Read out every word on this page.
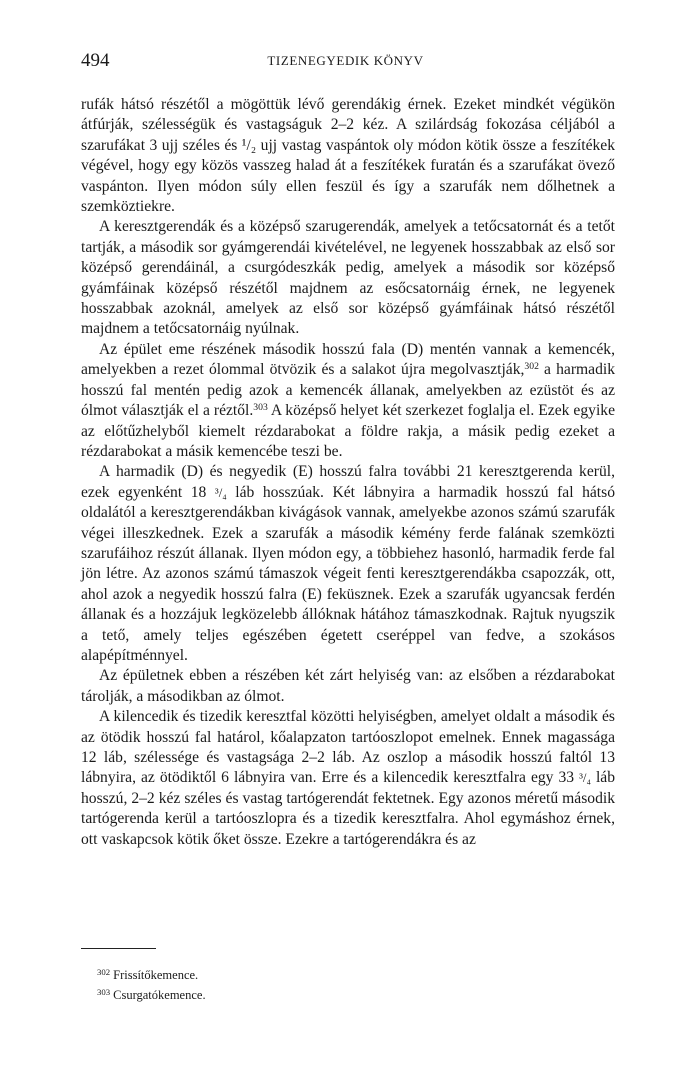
494	TIZENEGYEDIK KÖNYV

rufák hátsó részétől a mögöttük lévő gerendákig érnek. Ezeket mindkét végükön átfúrják, szélességük és vastagságuk 2–2 kéz. A szilárdság fokozása céljából a szarufákat 3 ujj széles és ¹/₂ ujj vastag vaspántok oly módon kötik össze a feszítékek végével, hogy egy közös vasszeg halad át a feszítékek furatán és a szarufákat övező vaspánton. Ilyen módon súly ellen feszül és így a szarufák nem dőlhetnek a szemköztiekre.

A keresztgerendák és a középső szarugerendák, amelyek a tetőcsatornát és a tetőt tartják, a második sor gyámgerendái kivételével, ne legyenek hosszabbak az első sor középső gerendáinál, a csurgódeszkák pedig, amelyek a második sor középső gyámfáinak középső részétől majdnem az esőcsatornáig érnek, ne legyenek hosszabbak azoknál, amelyek az első sor középső gyámfáinak hátsó részétől majdnem a tetőcsatornáig nyúlnak.

Az épület eme részének második hosszú fala (D) mentén vannak a kemencék, amelyekben a rezet ólommal ötvözik és a salakot újra megolvasztják,$^{302}$ a harmadik hosszú fal mentén pedig azok a kemencék állanak, amelyekben az ezüstöt és az ólmot választják el a réztől.$^{303}$ A középső helyet két szerkezet foglalja el. Ezek egyike az előtűzhelyből kiemelt rézdarabokat a földre rakja, a másik pedig ezeket a rézdarabokat a másik kemencébe teszi be.

A harmadik (D) és negyedik (E) hosszú falra további 21 keresztgerenda kerül, ezek egyenként 18 ³/₄ láb hosszúak. Két lábnyira a harmadik hosszú fal hátsó oldalától a keresztgerendákban kivágások vannak, amelyekbe azonos számú szarufák végei illeszkednek. Ezek a szarufák a második kémény ferde falának szemközti szarufáihoz részút állanak. Ilyen módon egy, a többiehez hasonló, harmadik ferde fal jön létre. Az azonos számú támaszok végeit fenti keresztgerendákba csapozzák, ott, ahol azok a negyedik hosszú falra (E) feküsznek. Ezek a szarufák ugyancsak ferdén állanak és a hozzájuk legközelebb állóknak hátához támaszkodnak. Rajtuk nyugszik a tető, amely teljes egészében égetett cseréppel van fedve, a szokásos alapépítménnyel.

Az épületnek ebben a részében két zárt helyiség van: az elsőben a rézdarabokat tárolják, a másodikban az ólmot.

A kilencedik és tizedik keresztfal közötti helyiségben, amelyet oldalt a második és az ötödik hosszú fal határol, kőalapzaton tartóoszlopot emelnek. Ennek magassága 12 láb, szélessége és vastagsága 2–2 láb. Az oszlop a második hosszú faltól 13 lábnyira, az ötödiktől 6 lábnyira van. Erre és a kilencedik keresztfalra egy 33 ³/₄ láb hosszú, 2–2 kéz széles és vastag tartógerendát fektetnek. Egy azonos méretű második tartógerenda kerül a tartóoszlopra és a tizedik keresztfalra. Ahol egymáshoz érnek, ott vaskapcsok kötik őket össze. Ezekre a tartógerendákra és az

$^{302}$ Frissítőkemence.
$^{303}$ Csurgatókemence.
